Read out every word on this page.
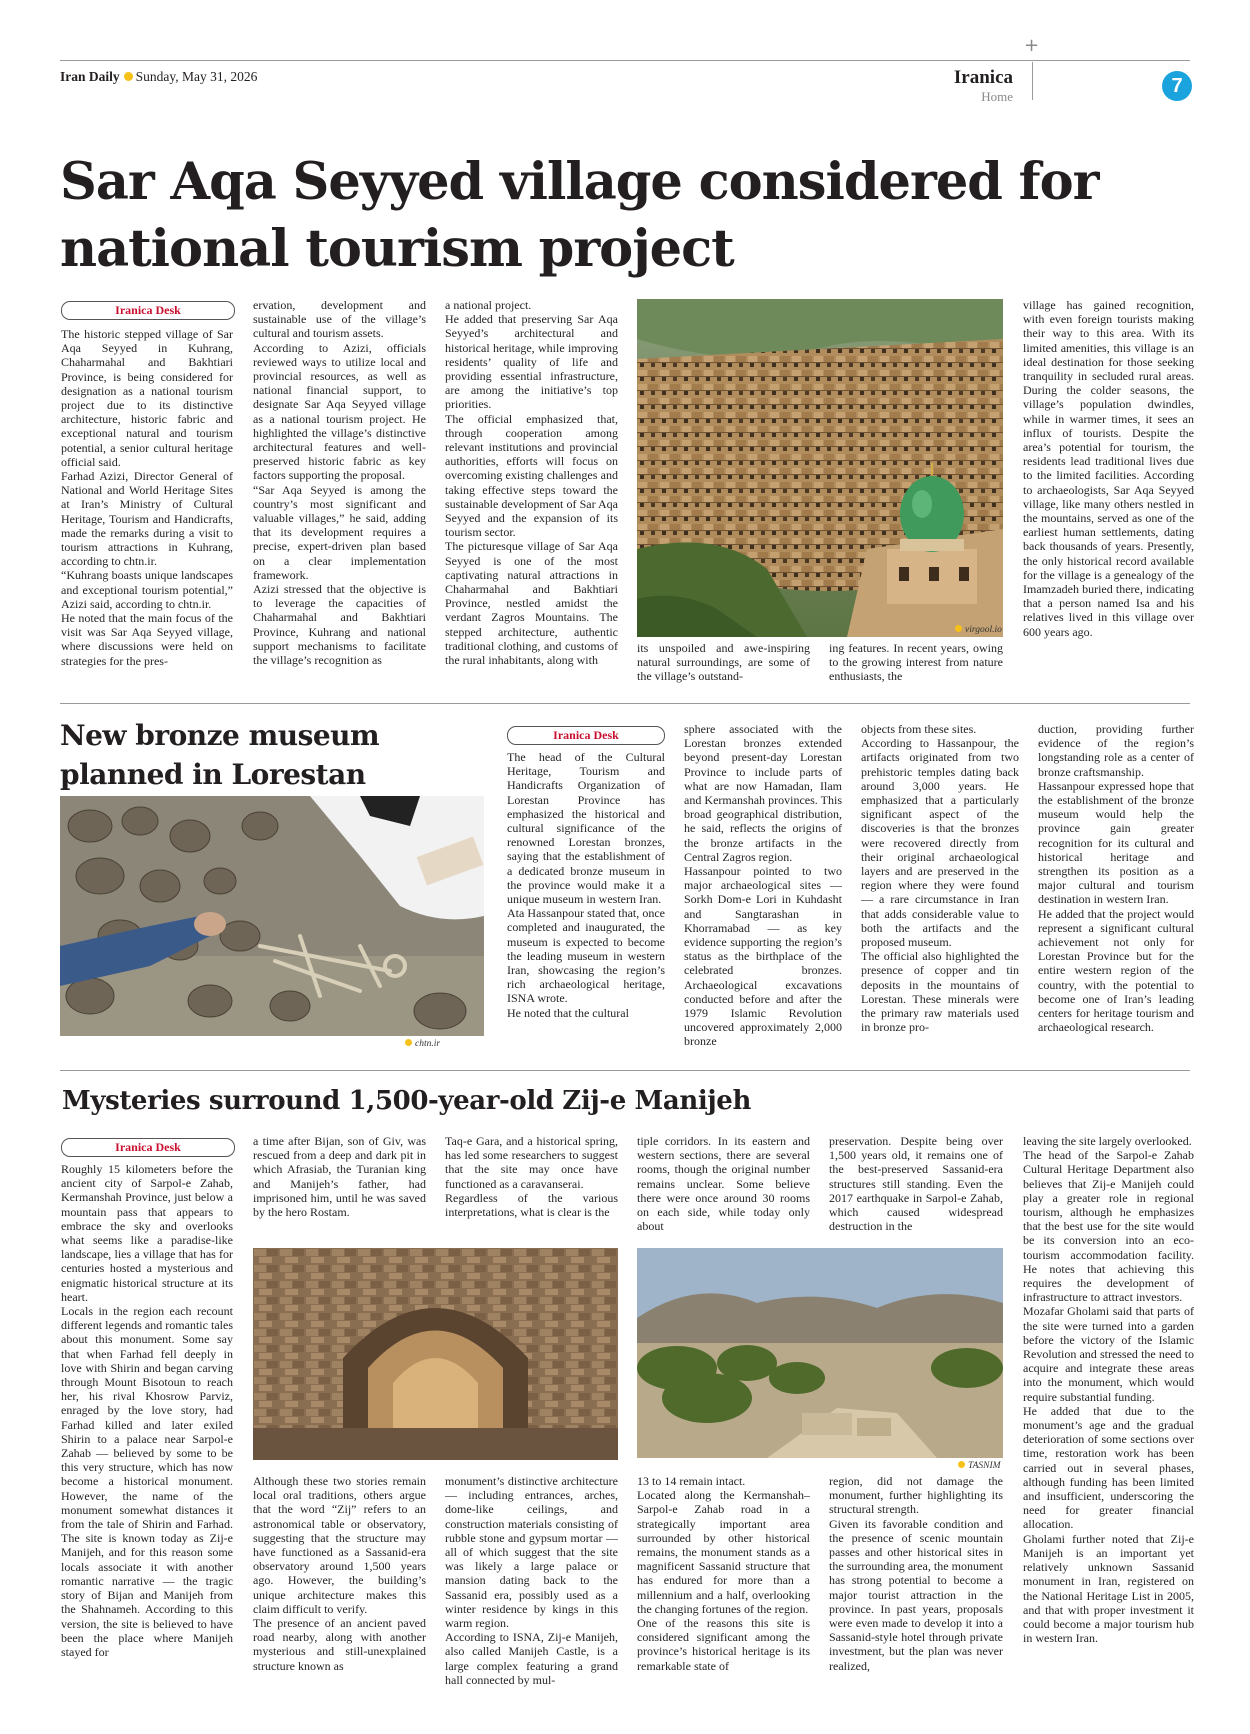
Iran Daily Sunday, May 31, 2026	Iranica
Home
+
7
Sar Aqa Seyyed village considered for national tourism project
Iranica Desk
The historic stepped village of Sar Aqa Seyyed in Kuhrang, Chaharmahal and Bakhtiari Province, is being considered for designation as a national tourism project due to its distinctive architecture, historic fabric and exceptional natural and tourism potential, a senior cultural heritage official said.
Farhad Azizi, Director General of National and World Heritage Sites at Iran’s Ministry of Cultural Heritage, Tourism and Handicrafts, made the remarks during a visit to tourism attractions in Kuhrang, according to chtn.ir.
“Kuhrang boasts unique landscapes and exceptional tourism potential,” Azizi said, according to chtn.ir.
He noted that the main focus of the visit was Sar Aqa Seyyed village, where discussions were held on strategies for the pres-
ervation, development and sustainable use of the village’s cultural and tourism assets.
According to Azizi, officials reviewed ways to utilize local and provincial resources, as well as national financial support, to designate Sar Aqa Seyyed village as a national tourism project. He highlighted the village’s distinctive architectural features and well-preserved historic fabric as key factors supporting the proposal.
“Sar Aqa Seyyed is among the country’s most significant and valuable villages,” he said, adding that its development requires a precise, expert-driven plan based on a clear implementation framework.
Azizi stressed that the objective is to leverage the capacities of Chaharmahal and Bakhtiari Province, Kuhrang and national support mechanisms to facilitate the village’s recognition as
a national project.
He added that preserving Sar Aqa Seyyed’s architectural and historical heritage, while improving residents’ quality of life and providing essential infrastructure, are among the initiative’s top priorities.
The official emphasized that, through cooperation among relevant institutions and provincial authorities, efforts will focus on overcoming existing challenges and taking effective steps toward the sustainable development of Sar Aqa Seyyed and the expansion of its tourism sector.
The picturesque village of Sar Aqa Seyyed is one of the most captivating natural attractions in Chaharmahal and Bakhtiari Province, nestled amidst the verdant Zagros Mountains. The stepped architecture, authentic traditional clothing, and customs of the rural inhabitants, along with
virgool.io
its unspoiled and awe-inspiring natural surroundings, are some of the village’s outstand-
ing features. In recent years, owing to the growing interest from nature enthusiasts, the
village has gained recognition, with even foreign tourists making their way to this area. With its limited amenities, this village is an ideal destination for those seeking tranquility in secluded rural areas. During the colder seasons, the village’s population dwindles, while in warmer times, it sees an influx of tourists. Despite the area’s potential for tourism, the residents lead traditional lives due to the limited facilities. According to archaeologists, Sar Aqa Seyyed village, like many others nestled in the mountains, served as one of the earliest human settlements, dating back thousands of years. Presently, the only historical record available for the village is a genealogy of the Imamzadeh buried there, indicating that a person named Isa and his relatives lived in this village over 600 years ago.
New bronze museum planned in Lorestan
chtn.ir
Iranica Desk
The head of the Cultural Heritage, Tourism and Handicrafts Organization of Lorestan Province has emphasized the historical and cultural significance of the renowned Lorestan bronzes, saying that the establishment of a dedicated bronze museum in the province would make it a unique museum in western Iran.
Ata Hassanpour stated that, once completed and inaugurated, the museum is expected to become the leading museum in western Iran, showcasing the region’s rich archaeological heritage, ISNA wrote.
He noted that the cultural
sphere associated with the Lorestan bronzes extended beyond present-day Lorestan Province to include parts of what are now Hamadan, Ilam and Kermanshah provinces. This broad geographical distribution, he said, reflects the origins of the bronze artifacts in the Central Zagros region.
Hassanpour pointed to two major archaeological sites — Sorkh Dom-e Lori in Kuhdasht and Sangtarashan in Khorramabad — as key evidence supporting the region’s status as the birthplace of the celebrated bronzes. Archaeological excavations conducted before and after the 1979 Islamic Revolution uncovered approximately 2,000 bronze
objects from these sites.
According to Hassanpour, the artifacts originated from two prehistoric temples dating back around 3,000 years. He emphasized that a particularly significant aspect of the discoveries is that the bronzes were recovered directly from their original archaeological layers and are preserved in the region where they were found — a rare circumstance in Iran that adds considerable value to both the artifacts and the proposed museum.
The official also highlighted the presence of copper and tin deposits in the mountains of Lorestan. These minerals were the primary raw materials used in bronze pro-
duction, providing further evidence of the region’s longstanding role as a center of bronze craftsmanship.
Hassanpour expressed hope that the establishment of the bronze museum would help the province gain greater recognition for its cultural and historical heritage and strengthen its position as a major cultural and tourism destination in western Iran.
He added that the project would represent a significant cultural achievement not only for Lorestan Province but for the entire western region of the country, with the potential to become one of Iran’s leading centers for heritage tourism and archaeological research.
Mysteries surround 1,500-year-old Zij-e Manijeh
Iranica Desk
Roughly 15 kilometers before the ancient city of Sarpol-e Zahab, Kermanshah Province, just below a mountain pass that appears to embrace the sky and overlooks what seems like a paradise-like landscape, lies a village that has for centuries hosted a mysterious and enigmatic historical structure at its heart.
Locals in the region each recount different legends and romantic tales about this monument. Some say that when Farhad fell deeply in love with Shirin and began carving through Mount Bisotoun to reach her, his rival Khosrow Parviz, enraged by the love story, had Farhad killed and later exiled Shirin to a palace near Sarpol-e Zahab — believed by some to be this very structure, which has now become a historical monument. However, the name of the monument somewhat distances it from the tale of Shirin and Farhad. The site is known today as Zij-e Manijeh, and for this reason some locals associate it with another romantic narrative — the tragic story of Bijan and Manijeh from the Shahnameh. According to this version, the site is believed to have been the place where Manijeh stayed for
a time after Bijan, son of Giv, was rescued from a deep and dark pit in which Afrasiab, the Turanian king and Manijeh’s father, had imprisoned him, until he was saved by the hero Rostam.
Taq-e Gara, and a historical spring, has led some researchers to suggest that the site may once have functioned as a caravanserai.
Regardless of the various interpretations, what is clear is the
tiple corridors. In its eastern and western sections, there are several rooms, though the original number remains unclear. Some believe there were once around 30 rooms on each side, while today only about
preservation. Despite being over 1,500 years old, it remains one of the best-preserved Sassanid-era structures still standing. Even the 2017 earthquake in Sarpol-e Zahab, which caused widespread destruction in the
TASNIM
Although these two stories remain local oral traditions, others argue that the word “Zij” refers to an astronomical table or observatory, suggesting that the structure may have functioned as a Sassanid-era observatory around 1,500 years ago. However, the building’s unique architecture makes this claim difficult to verify.
The presence of an ancient paved road nearby, along with another mysterious and still-unexplained structure known as
monument’s distinctive architecture — including entrances, arches, dome-like ceilings, and construction materials consisting of rubble stone and gypsum mortar — all of which suggest that the site was likely a large palace or mansion dating back to the Sassanid era, possibly used as a winter residence by kings in this warm region.
According to ISNA, Zij-e Manijeh, also called Manijeh Castle, is a large complex featuring a grand hall connected by mul-
13 to 14 remain intact.
Located along the Kermanshah–Sarpol-e Zahab road in a strategically important area surrounded by other historical remains, the monument stands as a magnificent Sassanid structure that has endured for more than a millennium and a half, overlooking the changing fortunes of the region.
One of the reasons this site is considered significant among the province’s historical heritage is its remarkable state of
region, did not damage the monument, further highlighting its structural strength.
Given its favorable condition and the presence of scenic mountain passes and other historical sites in the surrounding area, the monument has strong potential to become a major tourist attraction in the province. In past years, proposals were even made to develop it into a Sassanid-style hotel through private investment, but the plan was never realized,
leaving the site largely overlooked.
The head of the Sarpol-e Zahab Cultural Heritage Department also believes that Zij-e Manijeh could play a greater role in regional tourism, although he emphasizes that the best use for the site would be its conversion into an eco-tourism accommodation facility. He notes that achieving this requires the development of infrastructure to attract investors.
Mozafar Gholami said that parts of the site were turned into a garden before the victory of the Islamic Revolution and stressed the need to acquire and integrate these areas into the monument, which would require substantial funding.
He added that due to the monument’s age and the gradual deterioration of some sections over time, restoration work has been carried out in several phases, although funding has been limited and insufficient, underscoring the need for greater financial allocation.
Gholami further noted that Zij-e Manijeh is an important yet relatively unknown Sassanid monument in Iran, registered on the National Heritage List in 2005, and that with proper investment it could become a major tourism hub in western Iran.
